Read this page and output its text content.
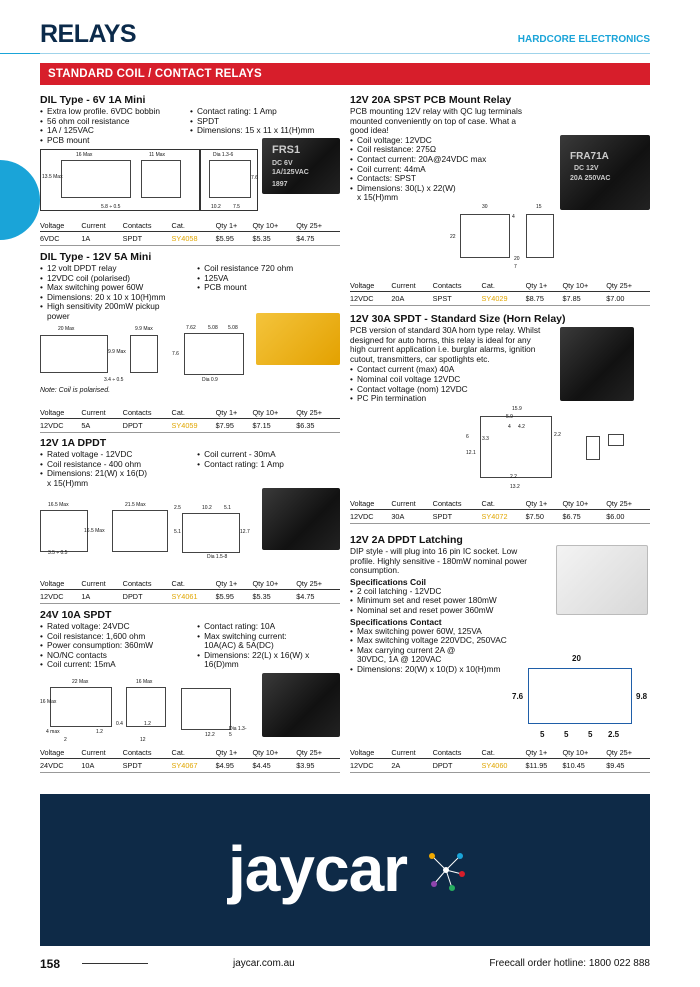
RELAYS	HARDCORE ELECTRONICS
STANDARD COIL / CONTACT RELAYS
DIL Type - 6V 1A Mini
• Extra low profile. 6VDC bobbin
• 56 ohm coil resistance
• 1A / 125VAC
• PCB mount
• Contact rating: 1 Amp
• SPDT
• Dimensions: 15 x 11 x 11(H)mm
16 Max	11 Max
13.5 Max
5.8 ÷ 0.5
Dia 1.3-6
7.6
10.2 7.5
FRS1
DC 6V
1A/125VAC
1897
Voltage	Current	Contacts	Cat.	Qty 1+	Qty 10+	Qty 25+
6VDC	1A	SPDT	SY4058	$5.95	$5.35	$4.75
DIL Type - 12V 5A Mini
• 12 volt DPDT relay
• 12VDC coil (polarised)
• Max switching power 60W
• Dimensions: 20 x 10 x 10(H)mm
• High sensitivity 200mW pickup power
• Coil resistance 720 ohm
• 125VA
• PCB mount
20 Max	9.9 Max
9.9 Max
3.4 ÷ 0.5
7.62 5.08 5.08
7.6
Dia 0.9
Note: Coil is polarised.
Voltage	Current	Contacts	Cat.	Qty 1+	Qty 10+	Qty 25+
12VDC	5A	DPDT	SY4059	$7.95	$7.15	$6.35
12V 1A DPDT
• Rated voltage - 12VDC
• Coil resistance - 400 ohm
• Dimensions: 21(W) x 16(D) x 15(H)mm
• Coil current - 30mA
• Contact rating: 1 Amp
16.5 Max	21.5 Max
16.5 Max
3.5 ÷ 0.5
2.5	10.2 5.1
5.1	12.7
Dia 1.5-8
Voltage	Current	Contacts	Cat.	Qty 1+	Qty 10+	Qty 25+
12VDC	1A	DPDT	SY4061	$5.95	$5.35	$4.75
24V 10A SPDT
• Rated voltage: 24VDC
• Coil resistance: 1,600 ohm
• Power consumption: 360mW
• NO/NC contacts
• Coil current: 15mA
• Contact rating: 10A
• Max switching current: 10A(AC) & 5A(DC)
• Dimensions: 22(L) x 16(W) x 16(D)mm
22 Max	16 Max
16 Max
4 max	1.2
0.4	1.2
2	12
12.2
Dia 1.3-5
Voltage	Current	Contacts	Cat.	Qty 1+	Qty 10+	Qty 25+
24VDC	10A	SPDT	SY4067	$4.95	$4.45	$3.95
12V 20A SPST PCB Mount Relay
PCB mounting 12V relay with QC lug terminals mounted conveniently on top of case. What a good idea!
• Coil voltage: 12VDC
• Coil resistance: 275Ω
• Contact current: 20A@24VDC max
• Coil current: 44mA
• Contacts: SPST
• Dimensions: 30(L) x 22(W) x 15(H)mm
FRA71A
DC 12V
20A 250VAC
30	15
4
22
20
7
Voltage	Current	Contacts	Cat.	Qty 1+	Qty 10+	Qty 25+
12VDC	20A	SPST	SY4029	$8.75	$7.85	$7.00
12V 30A SPDT - Standard Size (Horn Relay)
PCB version of standard 30A horn type relay. Whilst designed for auto horns, this relay is ideal for any high current application i.e. burglar alarms, ignition cutout, transmitters, car spotlights etc.
• Contact current (max) 40A
• Nominal coil voltage 12VDC
• Contact voltage (nom) 12VDC
• PC Pin termination
15.9
5.9
4 4.2
6	3.3
12.1
2.2
2.2
13.2
Voltage	Current	Contacts	Cat.	Qty 1+	Qty 10+	Qty 25+
12VDC	30A	SPDT	SY4072	$7.50	$6.75	$6.00
12V 2A DPDT Latching
DIP style - will plug into 16 pin IC socket. Low profile. Highly sensitive - 180mW nominal power consumption.
Specifications Coil
• 2 coil latching - 12VDC
• Minimum set and reset power 180mW
• Nominal set and reset power 360mW
Specifications Contact
• Max switching power 60W, 125VA
• Max switching voltage 220VDC, 250VAC
• Max carrying current 2A @ 30VDC, 1A @ 120VAC
• Dimensions: 20(W) x 10(D) x 10(H)mm
20
7.6	9.8
5 5 5 2.5
Voltage	Current	Contacts	Cat.	Qty 1+	Qty 10+	Qty 25+
12VDC	2A	DPDT	SY4060	$11.95	$10.45	$9.45
jaycar
158	jaycar.com.au	Freecall order hotline: 1800 022 888
